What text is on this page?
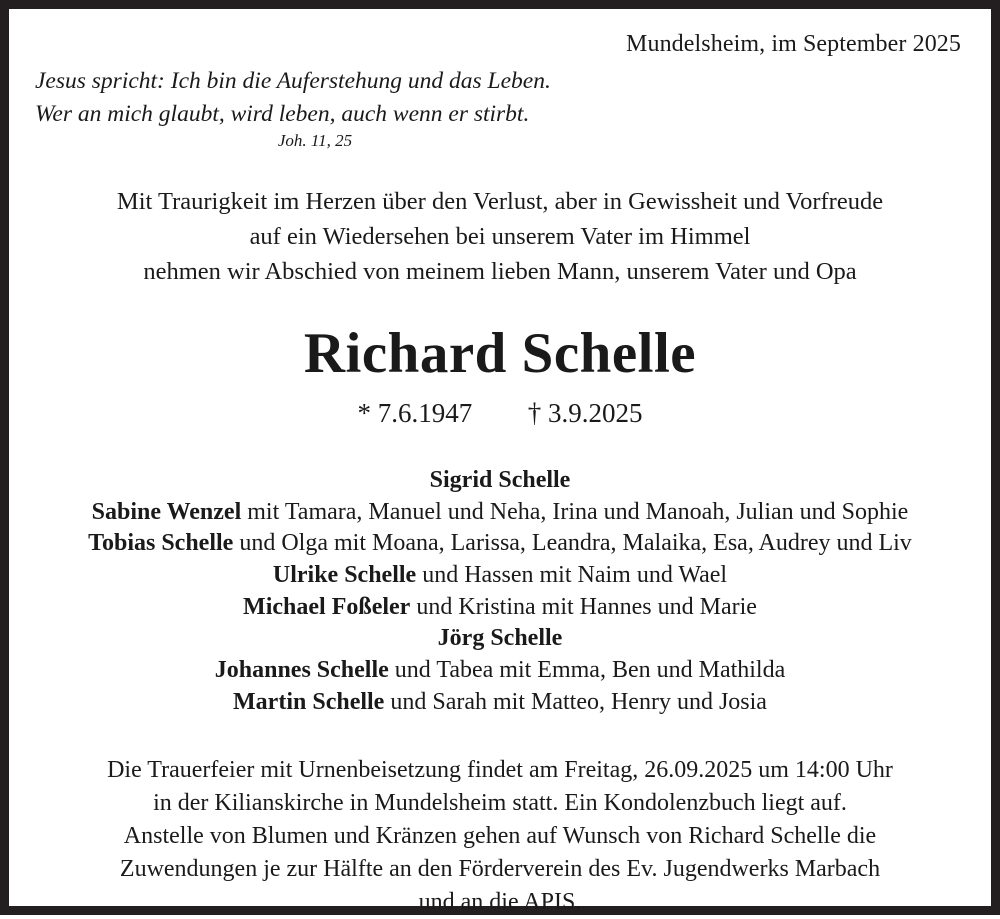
Mundelsheim, im September 2025
Jesus spricht: Ich bin die Auferstehung und das Leben.
Wer an mich glaubt, wird leben, auch wenn er stirbt.
Joh. 11, 25
Mit Traurigkeit im Herzen über den Verlust, aber in Gewissheit und Vorfreude
auf ein Wiedersehen bei unserem Vater im Himmel
nehmen wir Abschied von meinem lieben Mann, unserem Vater und Opa
Richard Schelle
* 7.6.1947 † 3.9.2025
Sigrid Schelle
Sabine Wenzel mit Tamara, Manuel und Neha, Irina und Manoah, Julian und Sophie
Tobias Schelle und Olga mit Moana, Larissa, Leandra, Malaika, Esa, Audrey und Liv
Ulrike Schelle und Hassen mit Naim und Wael
Michael Foßeler und Kristina mit Hannes und Marie
Jörg Schelle
Johannes Schelle und Tabea mit Emma, Ben und Mathilda
Martin Schelle und Sarah mit Matteo, Henry und Josia
Die Trauerfeier mit Urnenbeisetzung findet am Freitag, 26.09.2025 um 14:00 Uhr
in der Kilianskirche in Mundelsheim statt. Ein Kondolenzbuch liegt auf.
Anstelle von Blumen und Kränzen gehen auf Wunsch von Richard Schelle die
Zuwendungen je zur Hälfte an den Förderverein des Ev. Jugendwerks Marbach
und an die APIS.
